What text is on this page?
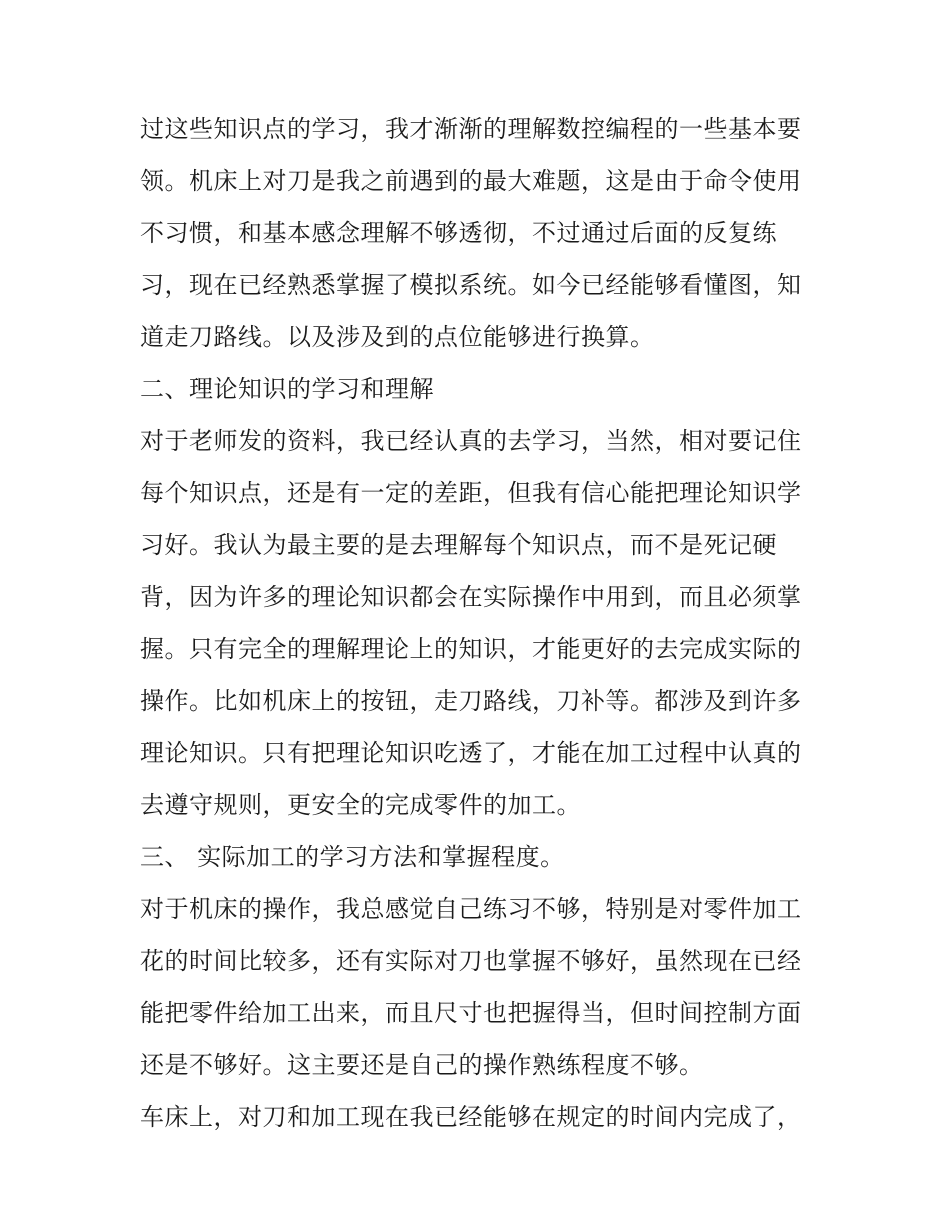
过这些知识点的学习，我才渐渐的理解数控编程的一些基本要
领。机床上对刀是我之前遇到的最大难题，这是由于命令使用
不习惯，和基本感念理解不够透彻，不过通过后面的反复练
习，现在已经熟悉掌握了模拟系统。如今已经能够看懂图，知
道走刀路线。以及涉及到的点位能够进行换算。
二、理论知识的学习和理解
对于老师发的资料，我已经认真的去学习，当然，相对要记住
每个知识点，还是有一定的差距，但我有信心能把理论知识学
习好。我认为最主要的是去理解每个知识点，而不是死记硬
背，因为许多的理论知识都会在实际操作中用到，而且必须掌
握。只有完全的理解理论上的知识，才能更好的去完成实际的
操作。比如机床上的按钮，走刀路线，刀补等。都涉及到许多
理论知识。只有把理论知识吃透了，才能在加工过程中认真的
去遵守规则，更安全的完成零件的加工。
三、 实际加工的学习方法和掌握程度。
对于机床的操作，我总感觉自己练习不够，特别是对零件加工
花的时间比较多，还有实际对刀也掌握不够好，虽然现在已经
能把零件给加工出来，而且尺寸也把握得当，但时间控制方面
还是不够好。这主要还是自己的操作熟练程度不够。
车床上，对刀和加工现在我已经能够在规定的时间内完成了，
